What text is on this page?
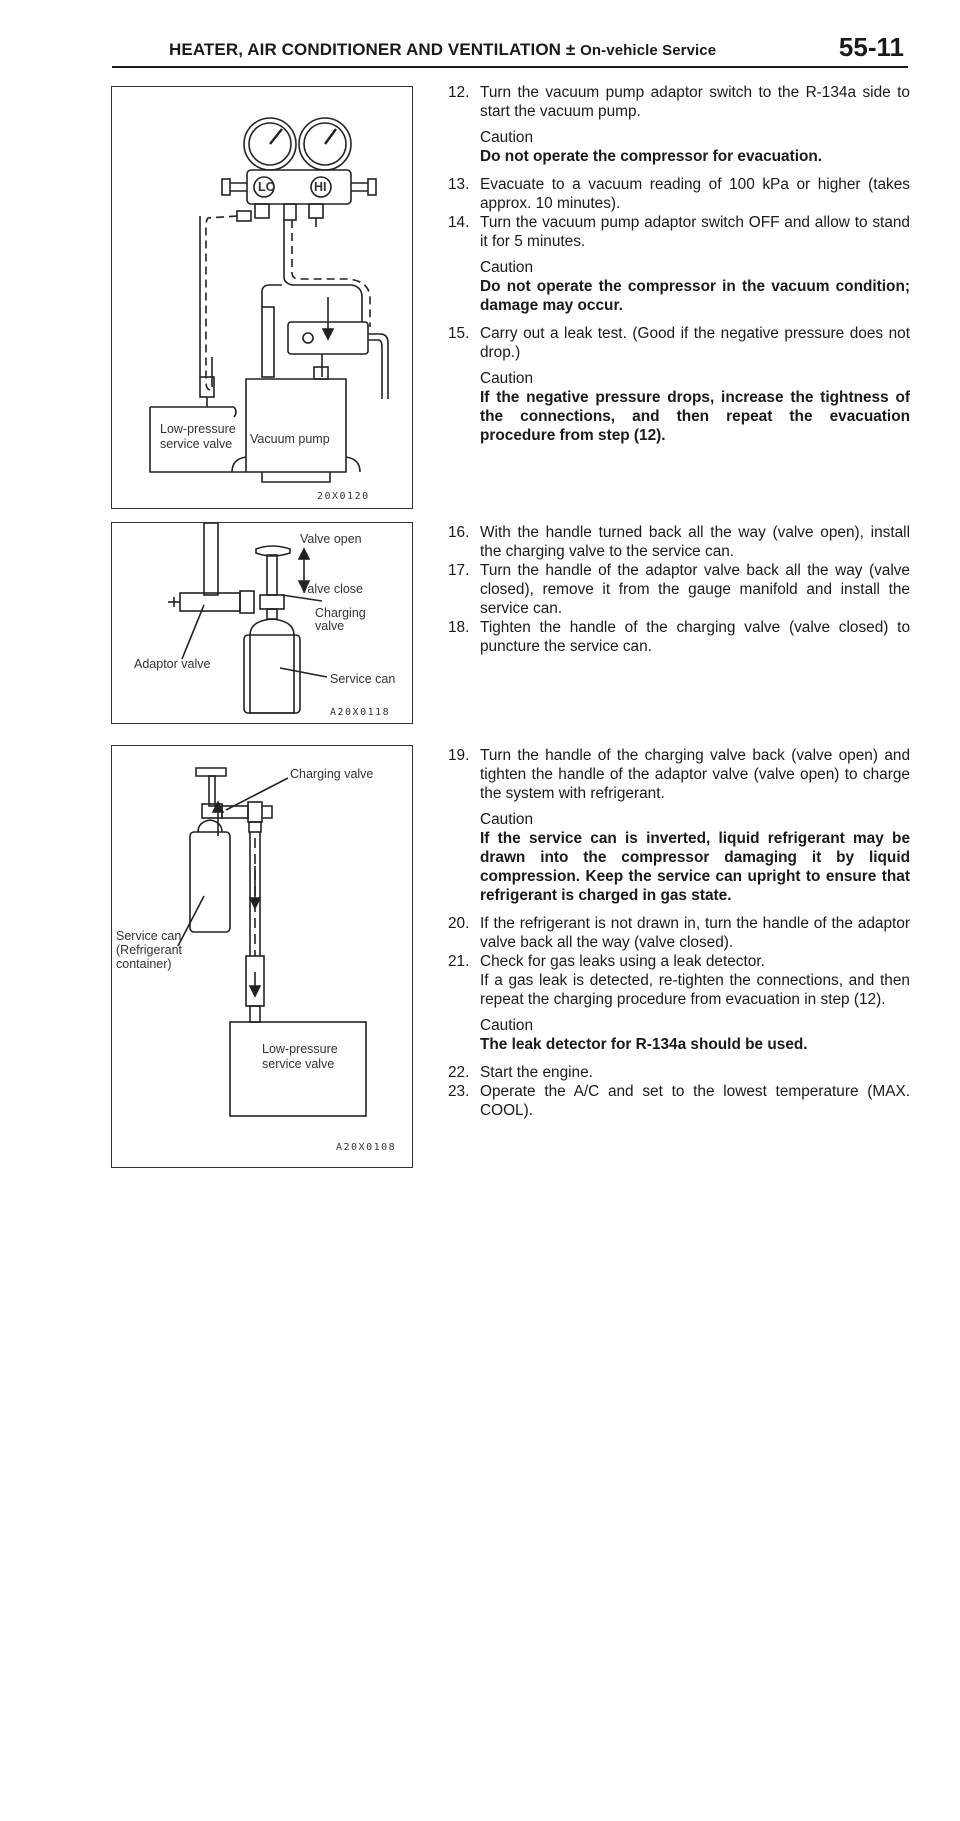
HEATER, AIR CONDITIONER AND VENTILATION ± On-vehicle Service	55-11
LO	HI
Low-pressure
service valve Vacuum pump
20X0120
Valve open
Valve close
Charging
valve
Adaptor valve
Service can
A20X0118
Charging valve
Service can
(Refrigerant
container)
Low-pressure
service valve
A20X0108

12. Turn the vacuum pump adaptor switch to the R-134a side to start the vacuum pump.

Caution
Do not operate the compressor for evacuation.

13. Evacuate to a vacuum reading of 100 kPa or higher (takes approx. 10 minutes).

14. Turn the vacuum pump adaptor switch OFF and allow to stand it for 5 minutes.

Caution
Do not operate the compressor in the vacuum condition; damage may occur.

15. Carry out a leak test. (Good if the negative pressure does not drop.)

Caution
If the negative pressure drops, increase the tightness of the connections, and then repeat the evacuation procedure from step (12).

16. With the handle turned back all the way (valve open), install the charging valve to the service can.

17. Turn the handle of the adaptor valve back all the way (valve closed), remove it from the gauge manifold and install the service can.

18. Tighten the handle of the charging valve (valve closed) to puncture the service can.

19. Turn the handle of the charging valve back (valve open) and tighten the handle of the adaptor valve (valve open) to charge the system with refrigerant.

Caution
If the service can is inverted, liquid refrigerant may be drawn into the compressor damaging it by liquid compression. Keep the service can upright to ensure that refrigerant is charged in gas state.

20. If the refrigerant is not drawn in, turn the handle of the adaptor valve back all the way (valve closed).

21. Check for gas leaks using a leak detector.

If a gas leak is detected, re-tighten the connections, and then repeat the charging procedure from evacuation in step (12).

Caution
The leak detector for R-134a should be used.

22. Start the engine.

23. Operate the A/C and set to the lowest temperature (MAX. COOL).
